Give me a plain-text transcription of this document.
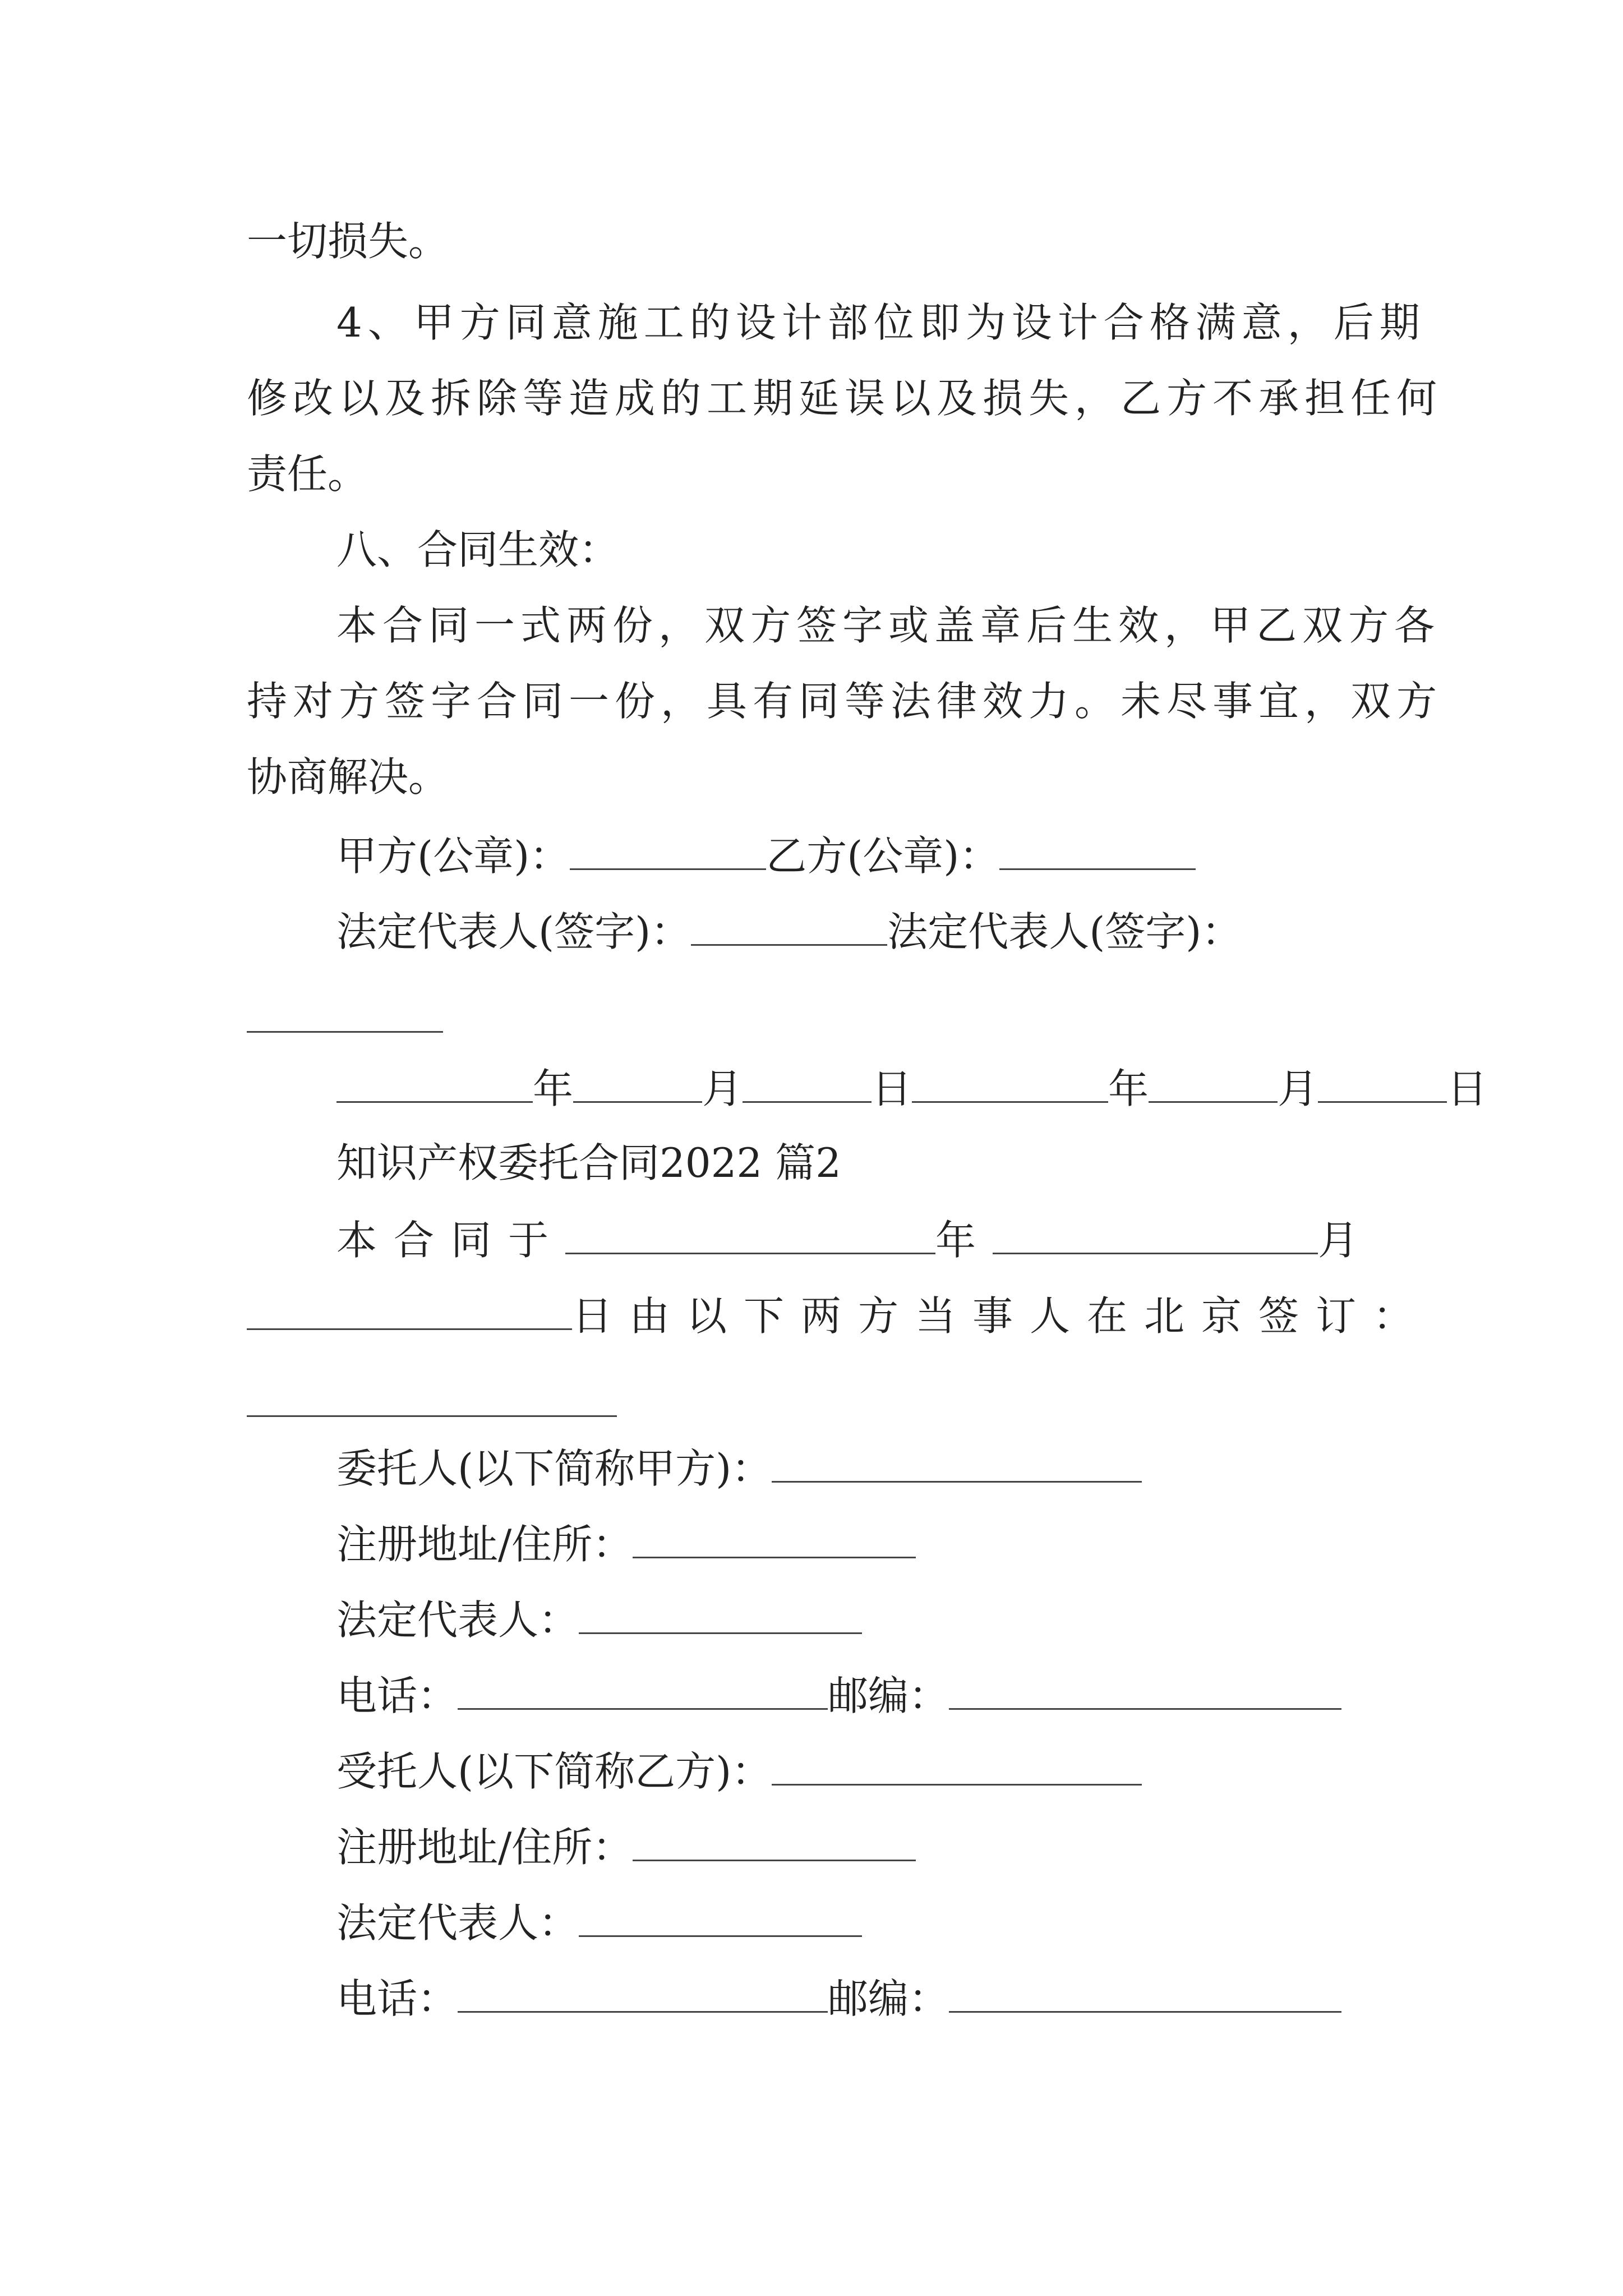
一切损失。
4、甲方同意施工的设计部位即为设计合格满意，后期
修改以及拆除等造成的工期延误以及损失，乙方不承担任何
责任。
八、合同生效：
本合同一式两份，双方签字或盖章后生效，甲乙双方各
持对方签字合同一份，具有同等法律效力。未尽事宜，双方
协商解决。
甲方(公章)：	乙方(公章)：
法定代表人(签字)：	法定代表人(签字)：
年	月	日	年	月	日
知识产权委托合同2022 篇2
本合同于	年	月
日由以下两方当事人在北京签订：
委托人(以下简称甲方)：
注册地址/住所：
法定代表人：
电话：	邮编：
受托人(以下简称乙方)：
注册地址/住所：
法定代表人：
电话：	邮编：
